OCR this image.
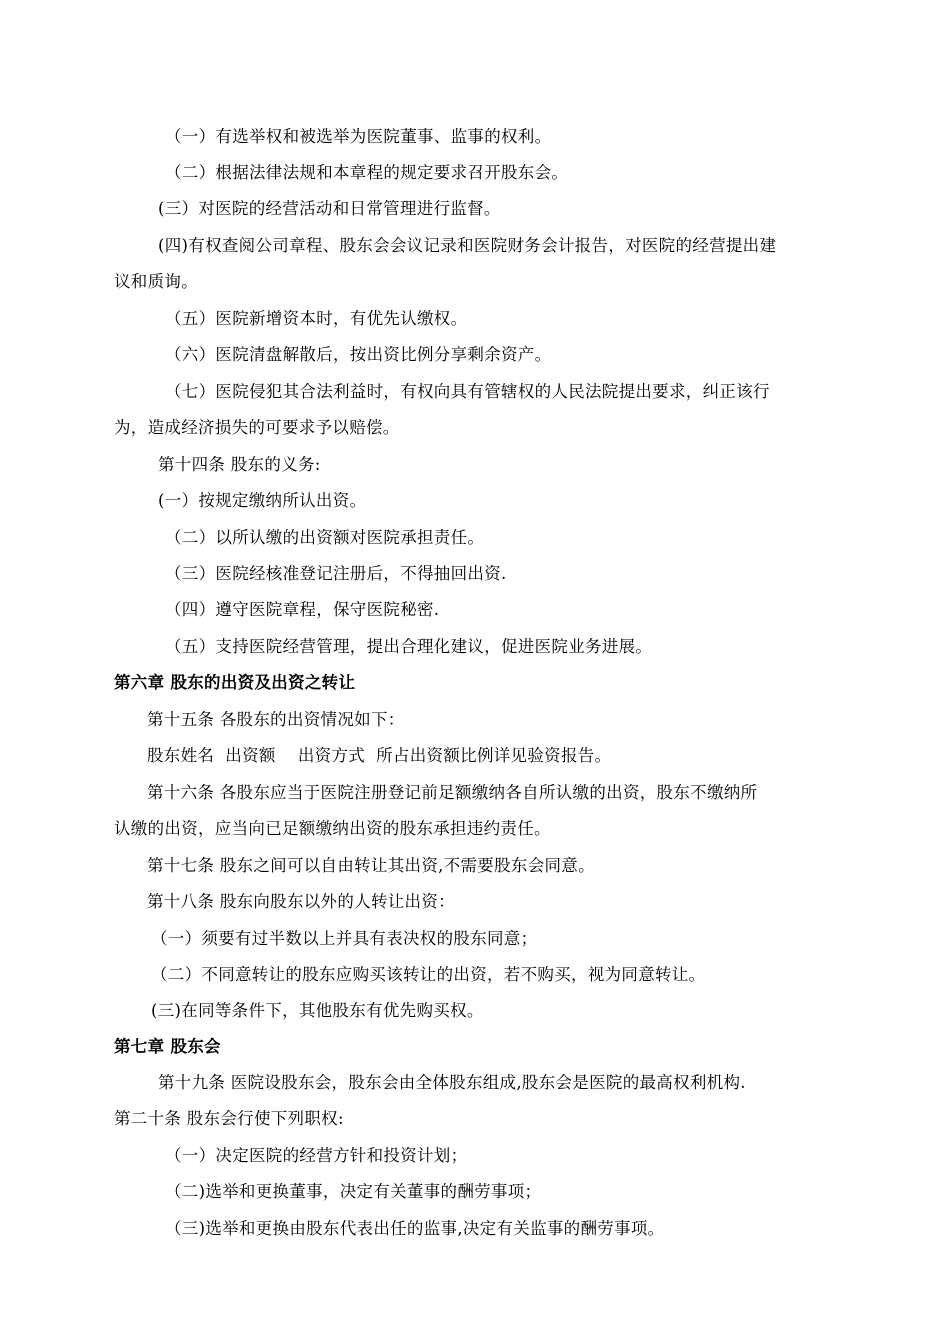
（一）有选举权和被选举为医院董事、监事的权利。
（二）根据法律法规和本章程的规定要求召开股东会。
(三）对医院的经营活动和日常管理进行监督。
(四)有权查阅公司章程、股东会会议记录和医院财务会计报告，对医院的经营提出建
议和质询。
（五）医院新增资本时，有优先认缴权。
（六）医院清盘解散后，按出资比例分享剩余资产。
（七）医院侵犯其合法利益时，有权向具有管辖权的人民法院提出要求，纠正该行
为，造成经济损失的可要求予以赔偿。
第十四条 股东的义务:
(一）按规定缴纳所认出资。
（二）以所认缴的出资额对医院承担责任。
（三）医院经核准登记注册后，不得抽回出资.
（四）遵守医院章程，保守医院秘密.
（五）支持医院经营管理，提出合理化建议，促进医院业务进展。
第六章 股东的出资及出资之转让
第十五条 各股东的出资情况如下：
股东姓名  出资额    出资方式  所占出资额比例详见验资报告。
第十六条 各股东应当于医院注册登记前足额缴纳各自所认缴的出资，股东不缴纳所
认缴的出资，应当向已足额缴纳出资的股东承担违约责任。
第十七条 股东之间可以自由转让其出资,不需要股东会同意。
第十八条 股东向股东以外的人转让出资：
（一）须要有过半数以上并具有表决权的股东同意；
（二）不同意转让的股东应购买该转让的出资，若不购买，视为同意转让。
(三)在同等条件下，其他股东有优先购买权。
第七章 股东会
第十九条 医院设股东会，股东会由全体股东组成,股东会是医院的最高权利机构.
第二十条 股东会行使下列职权:
（一）决定医院的经营方针和投资计划；
（二)选举和更换董事，决定有关董事的酬劳事项；
（三)选举和更换由股东代表出任的监事,决定有关监事的酬劳事项。
